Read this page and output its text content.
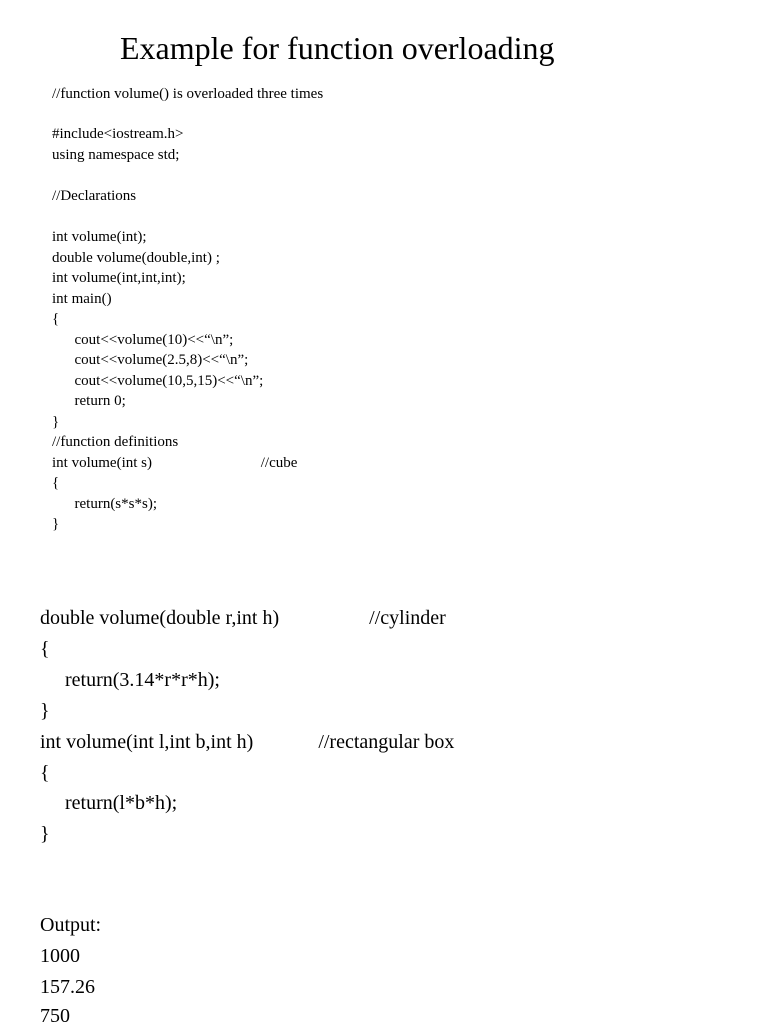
Example for function overloading
//function volume() is overloaded three times
#include<iostream.h>
using namespace std;
//Declarations
int volume(int);
double volume(double,int) ;
int volume(int,int,int);
int main()
{
cout<<volume(10)<<“\n”;
cout<<volume(2.5,8)<<“\n”;
cout<<volume(10,5,15)<<“\n”;
return 0;
}
//function definitions
int volume(int s)                             //cube
{
return(s*s*s);
}
double volume(double r,int h)                  //cylinder
{
return(3.14*r*r*h);
}
int volume(int l,int b,int h)             //rectangular box
{
return(l*b*h);
}
Output:
1000
157.26
750
